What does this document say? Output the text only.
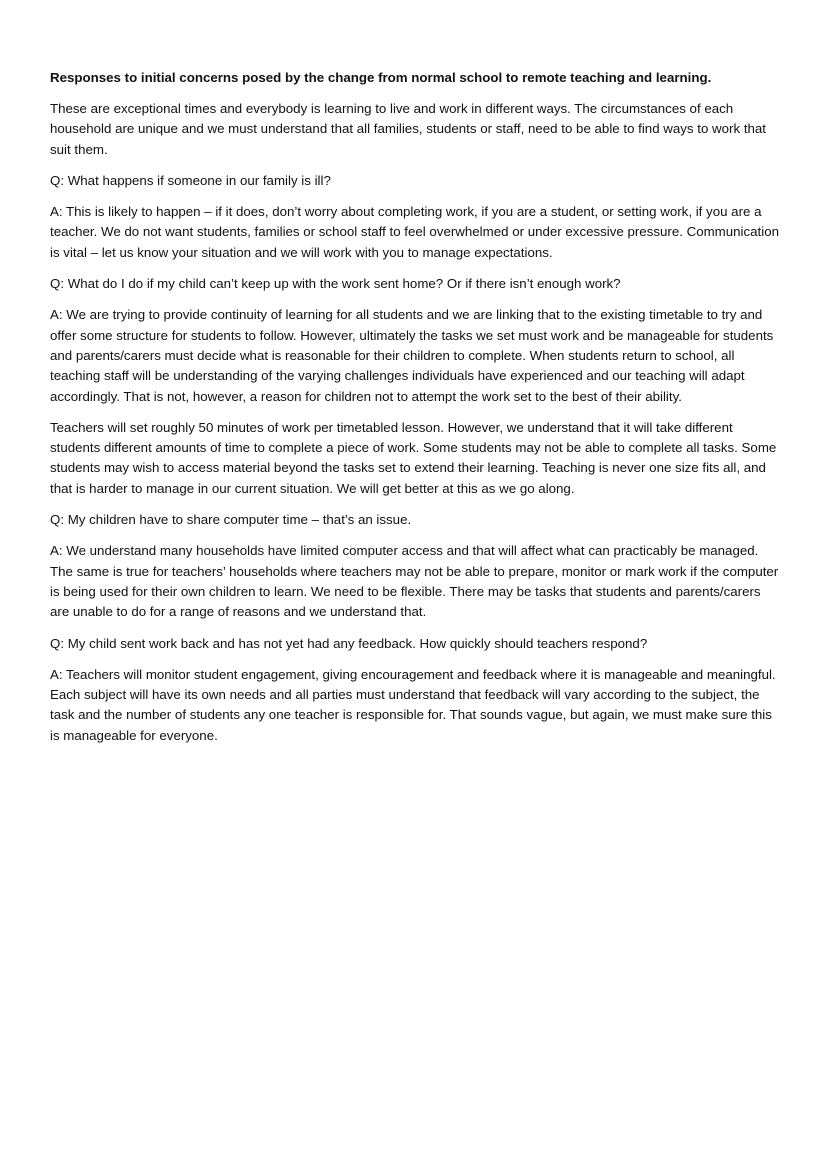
Responses to initial concerns posed by the change from normal school to remote teaching and learning.

These are exceptional times and everybody is learning to live and work in different ways. The circumstances of each household are unique and we must understand that all families, students or staff, need to be able to find ways to work that suit them.

Q: What happens if someone in our family is ill?

A: This is likely to happen – if it does, don’t worry about completing work, if you are a student, or setting work, if you are a teacher. We do not want students, families or school staff to feel overwhelmed or under excessive pressure. Communication is vital – let us know your situation and we will work with you to manage expectations.

Q: What do I do if my child can’t keep up with the work sent home? Or if there isn’t enough work?

A: We are trying to provide continuity of learning for all students and we are linking that to the existing timetable to try and offer some structure for students to follow. However, ultimately the tasks we set must work and be manageable for students and parents/carers must decide what is reasonable for their children to complete. When students return to school, all teaching staff will be understanding of the varying challenges individuals have experienced and our teaching will adapt accordingly. That is not, however, a reason for children not to attempt the work set to the best of their ability.

Teachers will set roughly 50 minutes of work per timetabled lesson. However, we understand that it will take different students different amounts of time to complete a piece of work. Some students may not be able to complete all tasks. Some students may wish to access material beyond the tasks set to extend their learning. Teaching is never one size fits all, and that is harder to manage in our current situation. We will get better at this as we go along.

Q: My children have to share computer time – that’s an issue.

A: We understand many households have limited computer access and that will affect what can practicably be managed. The same is true for teachers’ households where teachers may not be able to prepare, monitor or mark work if the computer is being used for their own children to learn. We need to be flexible. There may be tasks that students and parents/carers are unable to do for a range of reasons and we understand that.

Q: My child sent work back and has not yet had any feedback. How quickly should teachers respond?

A: Teachers will monitor student engagement, giving encouragement and feedback where it is manageable and meaningful. Each subject will have its own needs and all parties must understand that feedback will vary according to the subject, the task and the number of students any one teacher is responsible for. That sounds vague, but again, we must make sure this is manageable for everyone.
